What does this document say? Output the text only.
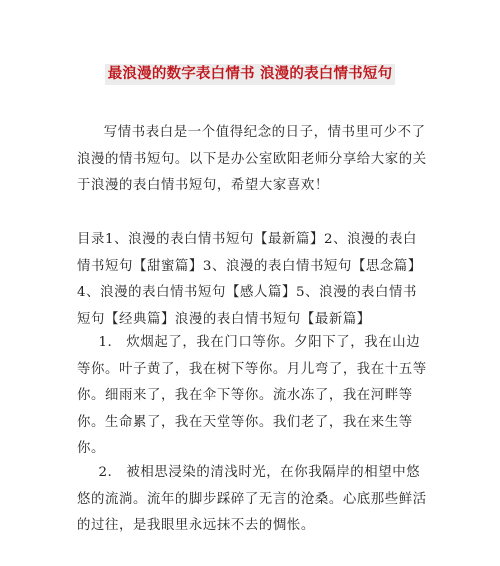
最浪漫的数字表白情书 浪漫的表白情书短句

写情书表白是一个值得纪念的日子，情书里可少不了浪漫的情书短句。以下是办公室欧阳老师分享给大家的关于浪漫的表白情书短句，希望大家喜欢！

目录1、浪漫的表白情书短句【最新篇】2、浪漫的表白情书短句【甜蜜篇】3、浪漫的表白情书短句【思念篇】4、浪漫的表白情书短句【感人篇】5、浪漫的表白情书短句【经典篇】浪漫的表白情书短句【最新篇】

1.　炊烟起了，我在门口等你。夕阳下了，我在山边等你。叶子黄了，我在树下等你。月儿弯了，我在十五等你。细雨来了，我在伞下等你。流水冻了，我在河畔等你。生命累了，我在天堂等你。我们老了，我在来生等你。

2.　被相思浸染的清浅时光，在你我隔岸的相望中悠悠的流淌。流年的脚步踩碎了无言的沧桑。心底那些鲜活的过往，是我眼里永远抹不去的惆怅。
